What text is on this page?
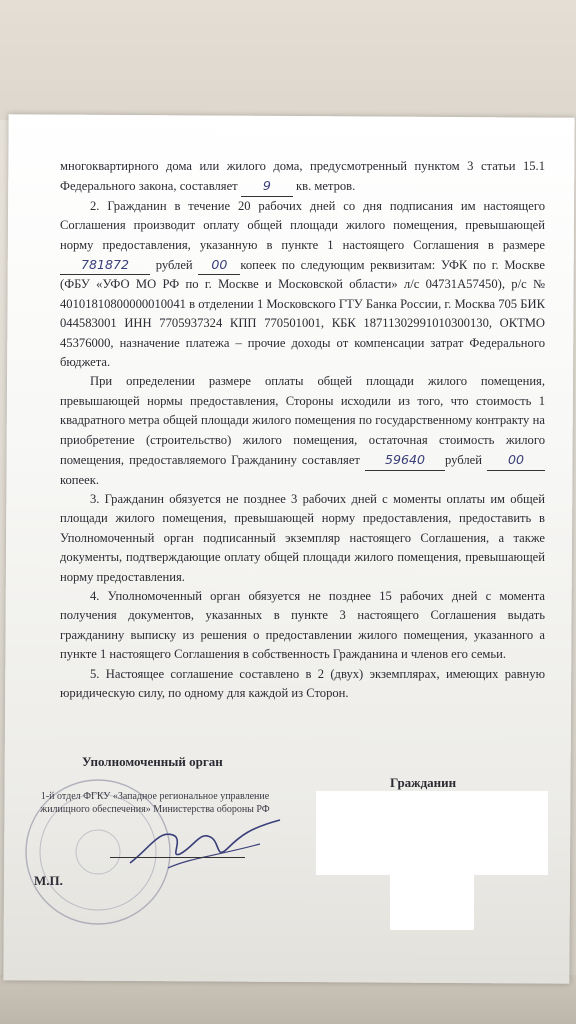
многоквартирного дома или жилого дома, предусмотренный пунктом 3 статьи 15.1 Федерального закона, составляет 9 кв. метров.

2. Гражданин в течение 20 рабочих дней со дня подписания им настоящего Соглашения производит оплату общей площади жилого помещения, превышающей норму предоставления, указанную в пункте 1 настоящего Соглашения в размере 781872 рублей 00 копеек по следующим реквизитам: УФК по г. Москве (ФБУ «УФО МО РФ по г. Москве и Московской области» л/с 04731А57450), р/с № 40101810800000010041 в отделении 1 Московского ГТУ Банка России, г. Москва 705 БИК 044583001 ИНН 7705937324 КПП 770501001, КБК 18711302991010300130, ОКТМО 45376000, назначение платежа – прочие доходы от компенсации затрат Федерального бюджета.

При определении размере оплаты общей площади жилого помещения, превышающей нормы предоставления, Стороны исходили из того, что стоимость 1 квадратного метра общей площади жилого помещения по государственному контракту на приобретение (строительство) жилого помещения, остаточная стоимость жилого помещения, предоставляемого Гражданину составляет 59640 рублей 00копеек.

3. Гражданин обязуется не позднее 3 рабочих дней с моменты оплаты им общей площади жилого помещения, превышающей норму предоставления, предоставить в Уполномоченный орган подписанный экземпляр настоящего Соглашения, а также документы, подтверждающие оплату общей площади жилого помещения, превышающей норму предоставления.

4. Уполномоченный орган обязуется не позднее 15 рабочих дней с момента получения документов, указанных в пункте 3 настоящего Соглашения выдать гражданину выписку из решения о предоставлении жилого помещения, указанного а пункте 1 настоящего Соглашения в собственность Гражданина и членов его семьи.

5. Настоящее соглашение составлено в 2 (двух) экземплярах, имеющих равную юридическую силу, по одному для каждой из Сторон.

Уполномоченный орган
1-й отдел ФГКУ «Западное региональное управление жилищного обеспечения» Министерства обороны РФ
М.П.
Гражданин
